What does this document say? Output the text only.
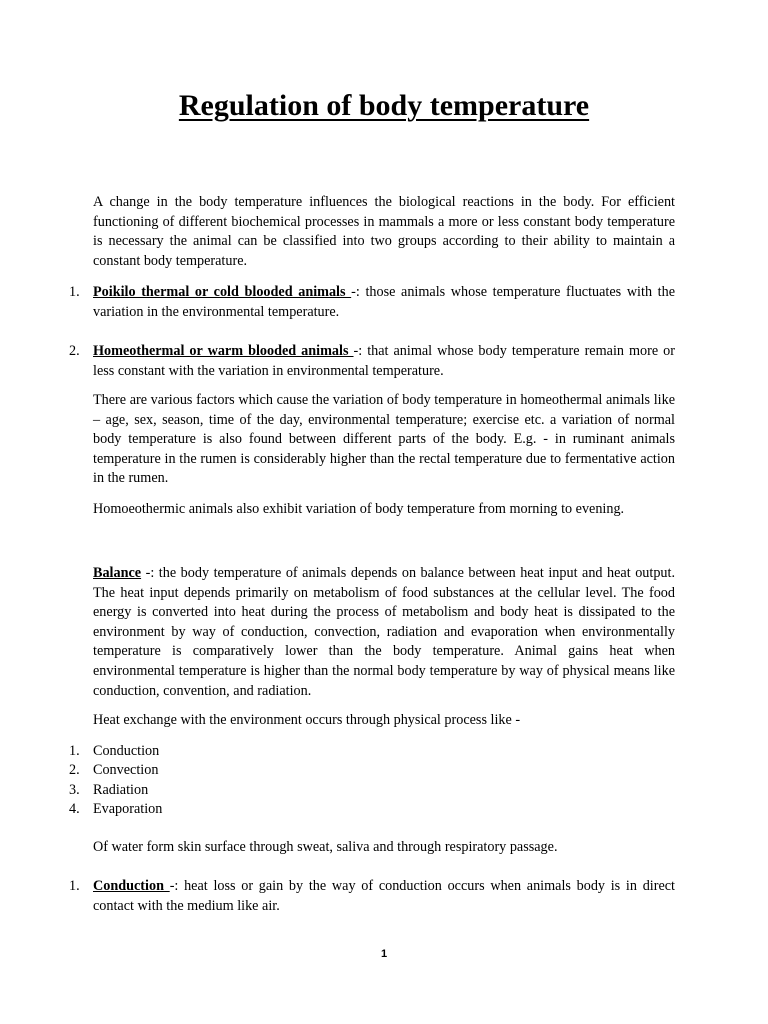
Regulation of body temperature
A change in the body temperature influences the biological reactions in the body. For efficient functioning of different biochemical processes in mammals a more or less constant body temperature is necessary the animal can be classified into two groups according to their ability to maintain a constant body temperature.
1. Poikilo thermal or cold blooded animals -: those animals whose temperature fluctuates with the variation in the environmental temperature.
2. Homeothermal or warm blooded animals -: that animal whose body temperature remain more or less constant with the variation in environmental temperature.
There are various factors which cause the variation of body temperature in homeothermal animals like – age, sex, season, time of the day, environmental temperature; exercise etc. a variation of normal body temperature is also found between different parts of the body. E.g. - in ruminant animals temperature in the rumen is considerably higher than the rectal temperature due to fermentative action in the rumen.
Homoeothermic animals also exhibit variation of body temperature from morning to evening.
Balance -: the body temperature of animals depends on balance between heat input and heat output. The heat input depends primarily on metabolism of food substances at the cellular level. The food energy is converted into heat during the process of metabolism and body heat is dissipated to the environment by way of conduction, convection, radiation and evaporation when environmentally temperature is comparatively lower than the body temperature. Animal gains heat when environmental temperature is higher than the normal body temperature by way of physical means like conduction, convention, and radiation.
Heat exchange with the environment occurs through physical process like -
1. Conduction
2. Convection
3. Radiation
4. Evaporation
Of water form skin surface through sweat, saliva and through respiratory passage.
1. Conduction -: heat loss or gain by the way of conduction occurs when animals body is in direct contact with the medium like air.
1
